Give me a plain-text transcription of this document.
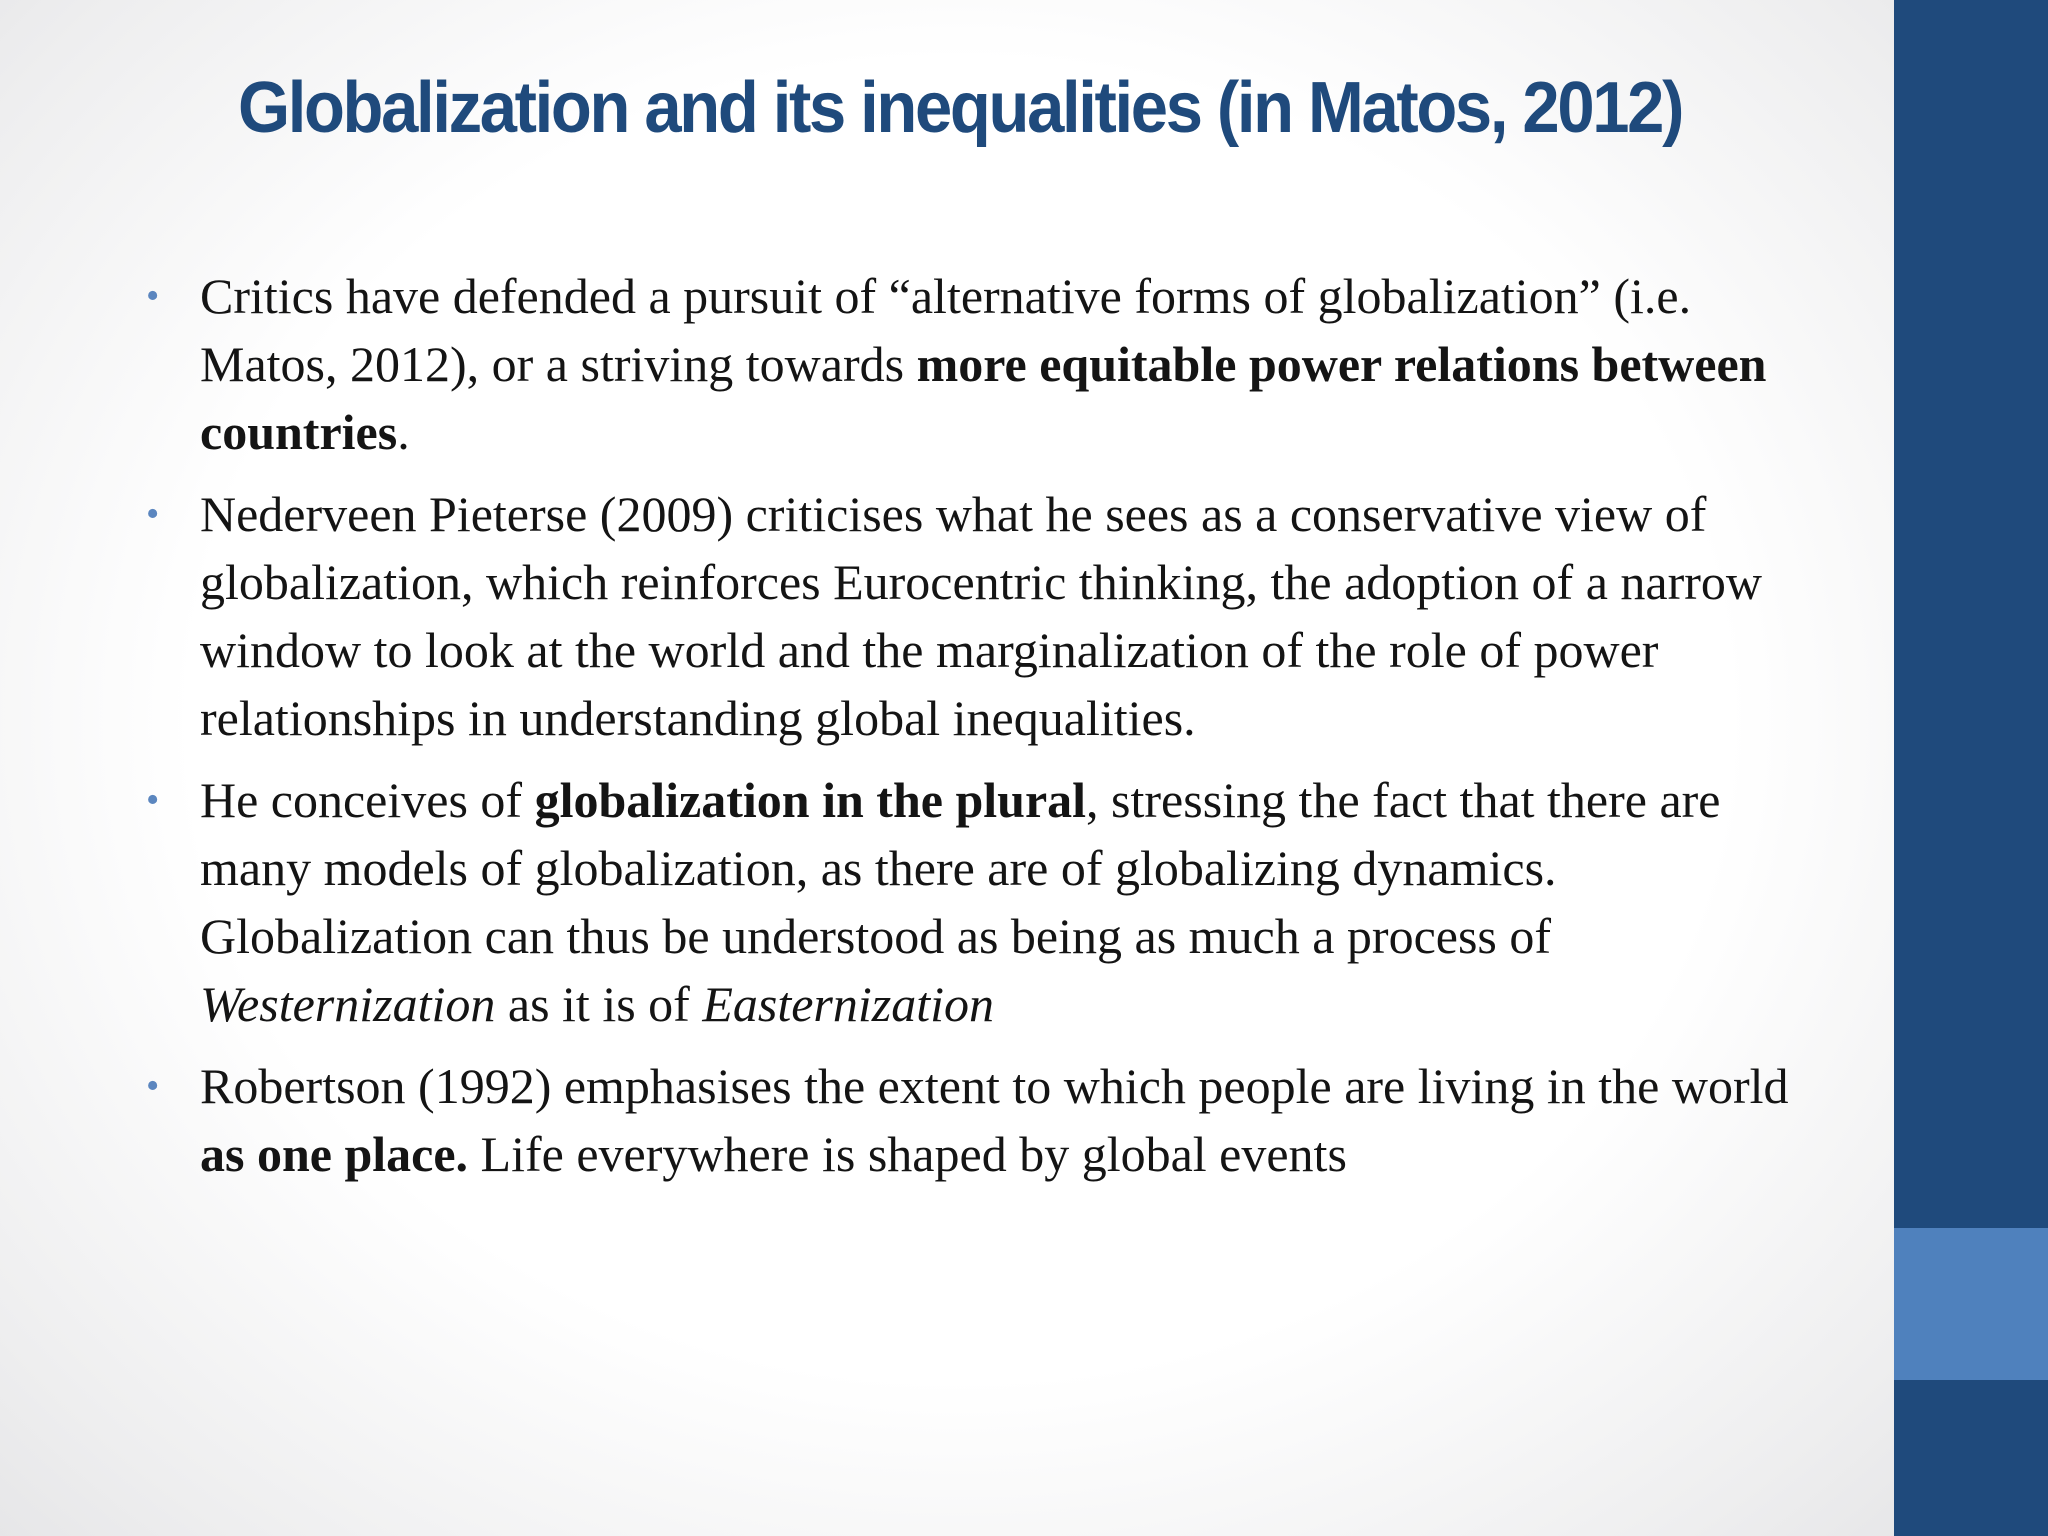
Globalization and its inequalities (in Matos, 2012)
• Critics have defended a pursuit of “alternative forms of globalization” (i.e. Matos, 2012), or a striving towards more equitable power relations between countries.
• Nederveen Pieterse (2009) criticises what he sees as a conservative view of globalization, which reinforces Eurocentric thinking, the adoption of a narrow window to look at the world and the marginalization of the role of power relationships in understanding global inequalities.
• He conceives of globalization in the plural, stressing the fact that there are many models of globalization, as there are of globalizing dynamics. Globalization can thus be understood as being as much a process of Westernization as it is of Easternization
• Robertson (1992) emphasises the extent to which people are living in the world as one place. Life everywhere is shaped by global events
